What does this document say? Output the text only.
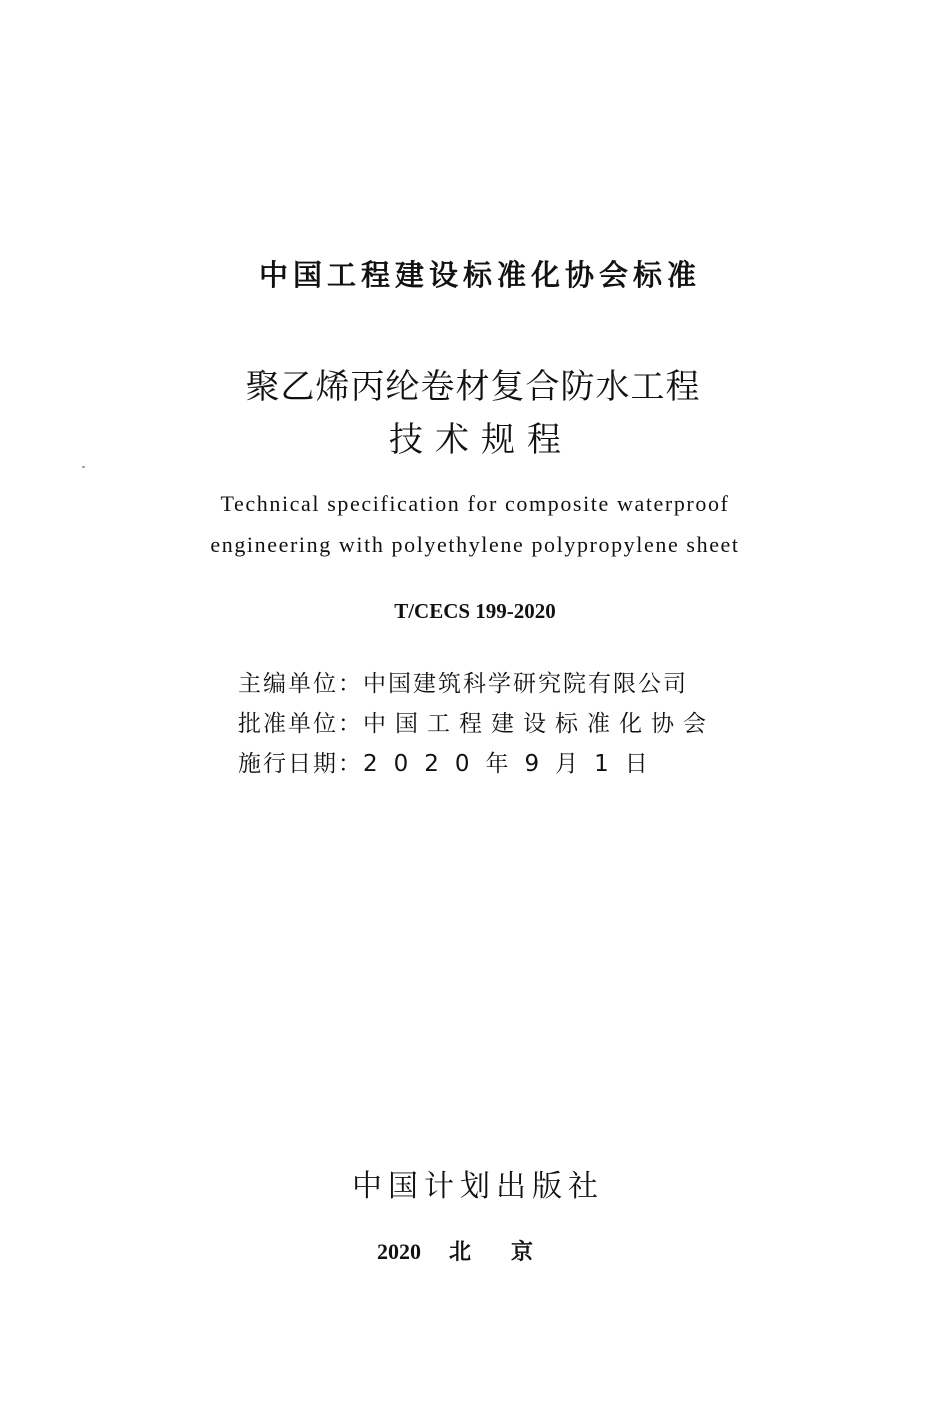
中国工程建设标准化协会标准

聚乙烯丙纶卷材复合防水工程

技术规程

Technical specification for composite waterproof

engineering with polyethylene polypropylene sheet

T/CECS 199-2020

主编单位：中国建筑科学研究院有限公司

批准单位：中国工程建设标准化协会

施行日期：2020年9月1日

中国计划出版社

2020 北京
